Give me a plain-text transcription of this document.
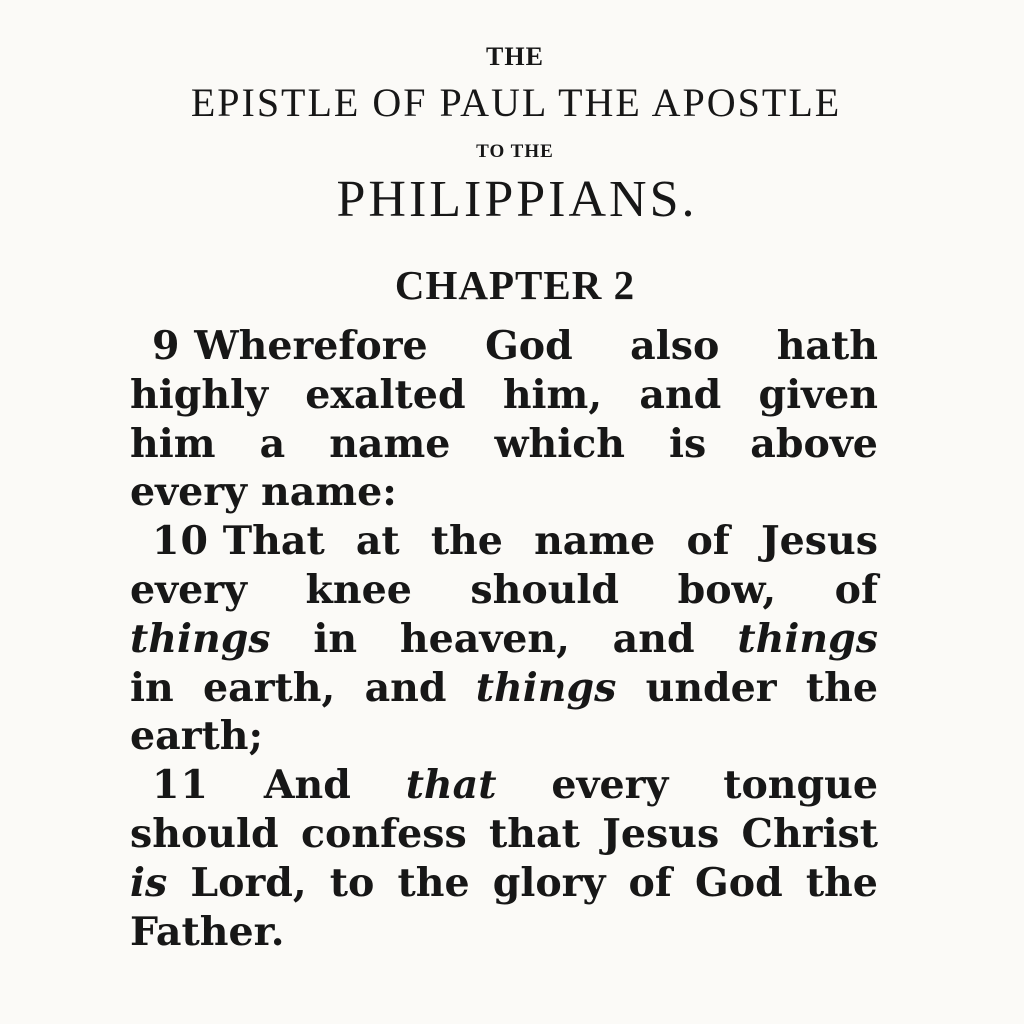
THE
EPISTLE OF PAUL THE APOSTLE
TO THE
PHILIPPIANS.
CHAPTER 2
9 Wherefore God also hath
highly exalted him, and given
him a name which is above
every name:
10 That at the name of Jesus
every knee should bow, of
things in heaven, and things
in earth, and things under the
earth;
11 And that every tongue
should confess that Jesus Christ
is Lord, to the glory of God the
Father.
